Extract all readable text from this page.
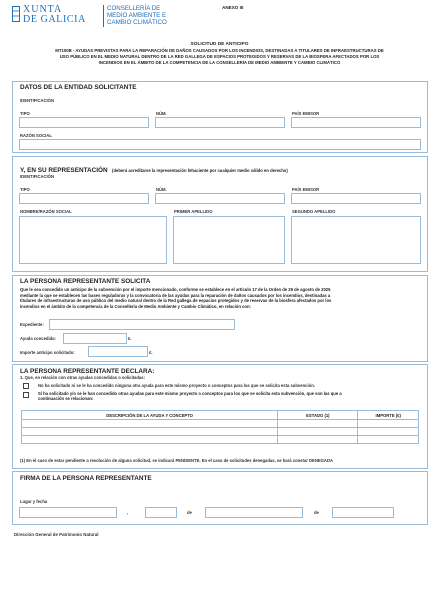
XUNTA
DE GALICIA
CONSELLERÍA DE
MEDIO AMBIENTE E
CAMBIO CLIMÁTICO
ANEXO III
SOLICITUD DE ANTICIPO
MT100B - AYUDAS PREVISTAS PARA LA REPARACIÓN DE DAÑOS CAUSADOS POR LOS INCENDIOS, DESTINADAS A TITULARES DE INFRAESTRUCTURAS DE
USO PÚBLICO EN EL MEDIO NATURAL DENTRO DE LA RED GALLEGA DE ESPACIOS PROTEGIDOS Y RESERVAS DE LA BIOSFERA AFECTADOS POR LOS
INCENDIOS EN EL ÁMBITO DE LA COMPETENCIA DE LA CONSELLERÍA DE MEDIO AMBIENTE Y CAMBIO CLIMÁTICO
DATOS DE LA ENTIDAD SOLICITANTE
IDENTIFICACIÓN
TIPO	NÚM.	PAÍS EMISOR
RAZÓN SOCIAL
Y, EN SU REPRESENTACIÓN (deberá acreditarse la representación fehaciente por cualquier medio válido en derecho)
IDENTIFICACIÓN
TIPO	NÚM.	PAÍS EMISOR
NOMBRE/RAZÓN SOCIAL	PRIMER APELLIDO	SEGUNDO APELLIDO
LA PERSONA REPRESENTANTE SOLICITA
Que le sea concedido un anticipo de la subvención por el importe mencionado, conforme se establece en el artículo 17 de la Orden de 29 de agosto de 2025
mediante la que se establecen las bases reguladoras y la convocatoria de las ayudas para la reparación de daños causados por los incendios, destinadas a
titulares de infraestructuras de uso público del medio natural dentro de la Red gallega de espacios protegidos y de reservas de la biosfera afectados por los
incendios en el ámbito de la competencia de la Consellería de Medio Ambiente y Cambio Climático, en relación con:
Expediente:
Ayuda concedida:	€.
Importe anticipo solicitado:	€.
LA PERSONA REPRESENTANTE DECLARA:
1. Que, en relación con otras ayudas concedidas o solicitadas:
No ha solicitado ni se le ha concedido ninguna otra ayuda para este mismo proyecto o conceptos para los que se solicita esta subvención.
Sí ha solicitado y/o se le han concedido otras ayudas para este mismo proyecto o conceptos para los que se solicita esta subvención, que son las que a
continuación se relacionan:
DESCRIPCIÓN DE LA AYUDA Y CONCEPTO	ESTADO (1)	IMPORTE (€)

(1) En el caso de estar pendiente a resolución de alguna solicitud, se indicará PENDIENTE. En el caso de solicitudes denegadas, se hará constar DENEGADA
FIRMA DE LA PERSONA REPRESENTANTE
Lugar y fecha
,	de	de
Dirección General de Patrimonio Natural
